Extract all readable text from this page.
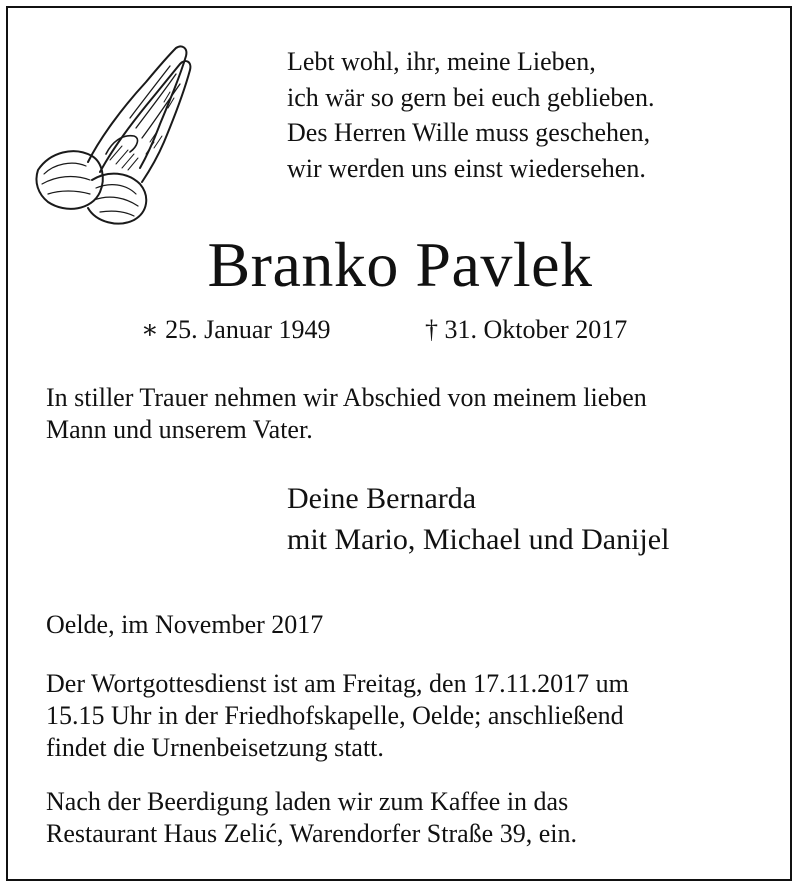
Lebt wohl, ihr, meine Lieben,
ich wär so gern bei euch geblieben.
Des Herren Wille muss geschehen,
wir werden uns einst wiedersehen.
Branko Pavlek
∗ 25. Januar 1949	† 31. Oktober 2017
In stiller Trauer nehmen wir Abschied von meinem lieben
Mann und unserem Vater.
Deine Bernarda
mit Mario, Michael und Danijel
Oelde, im November 2017
Der Wortgottesdienst ist am Freitag, den 17.11.2017 um
15.15 Uhr in der Friedhofskapelle, Oelde; anschließend
findet die Urnenbeisetzung statt.
Nach der Beerdigung laden wir zum Kaffee in das
Restaurant Haus Zelić, Warendorfer Straße 39, ein.
